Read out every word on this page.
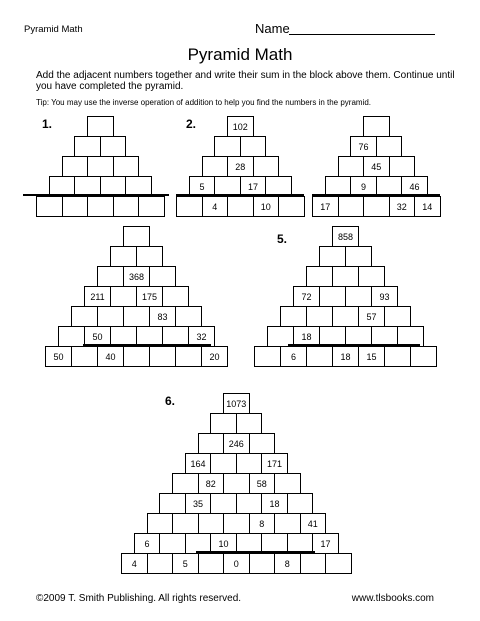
Pyramid Math	Name
Pyramid Math
Add the adjacent numbers together and write their sum in the block above them. Continue until you have completed the pyramid.
Tip: You may use the inverse operation of addition to help you find the numbers in the pyramid.
1.	2.
4	10
5	17
28
102
17	32	14
9	46
45
76
50	40	20
50	32
83
211	175
368
5.
6	18	15
18
57
72	93
858
6.
4	5	0	8
6	10	17
8	41
35	18
82	58
164	171
246
1073
©2009 T. Smith Publishing. All rights reserved.	www.tlsbooks.com
